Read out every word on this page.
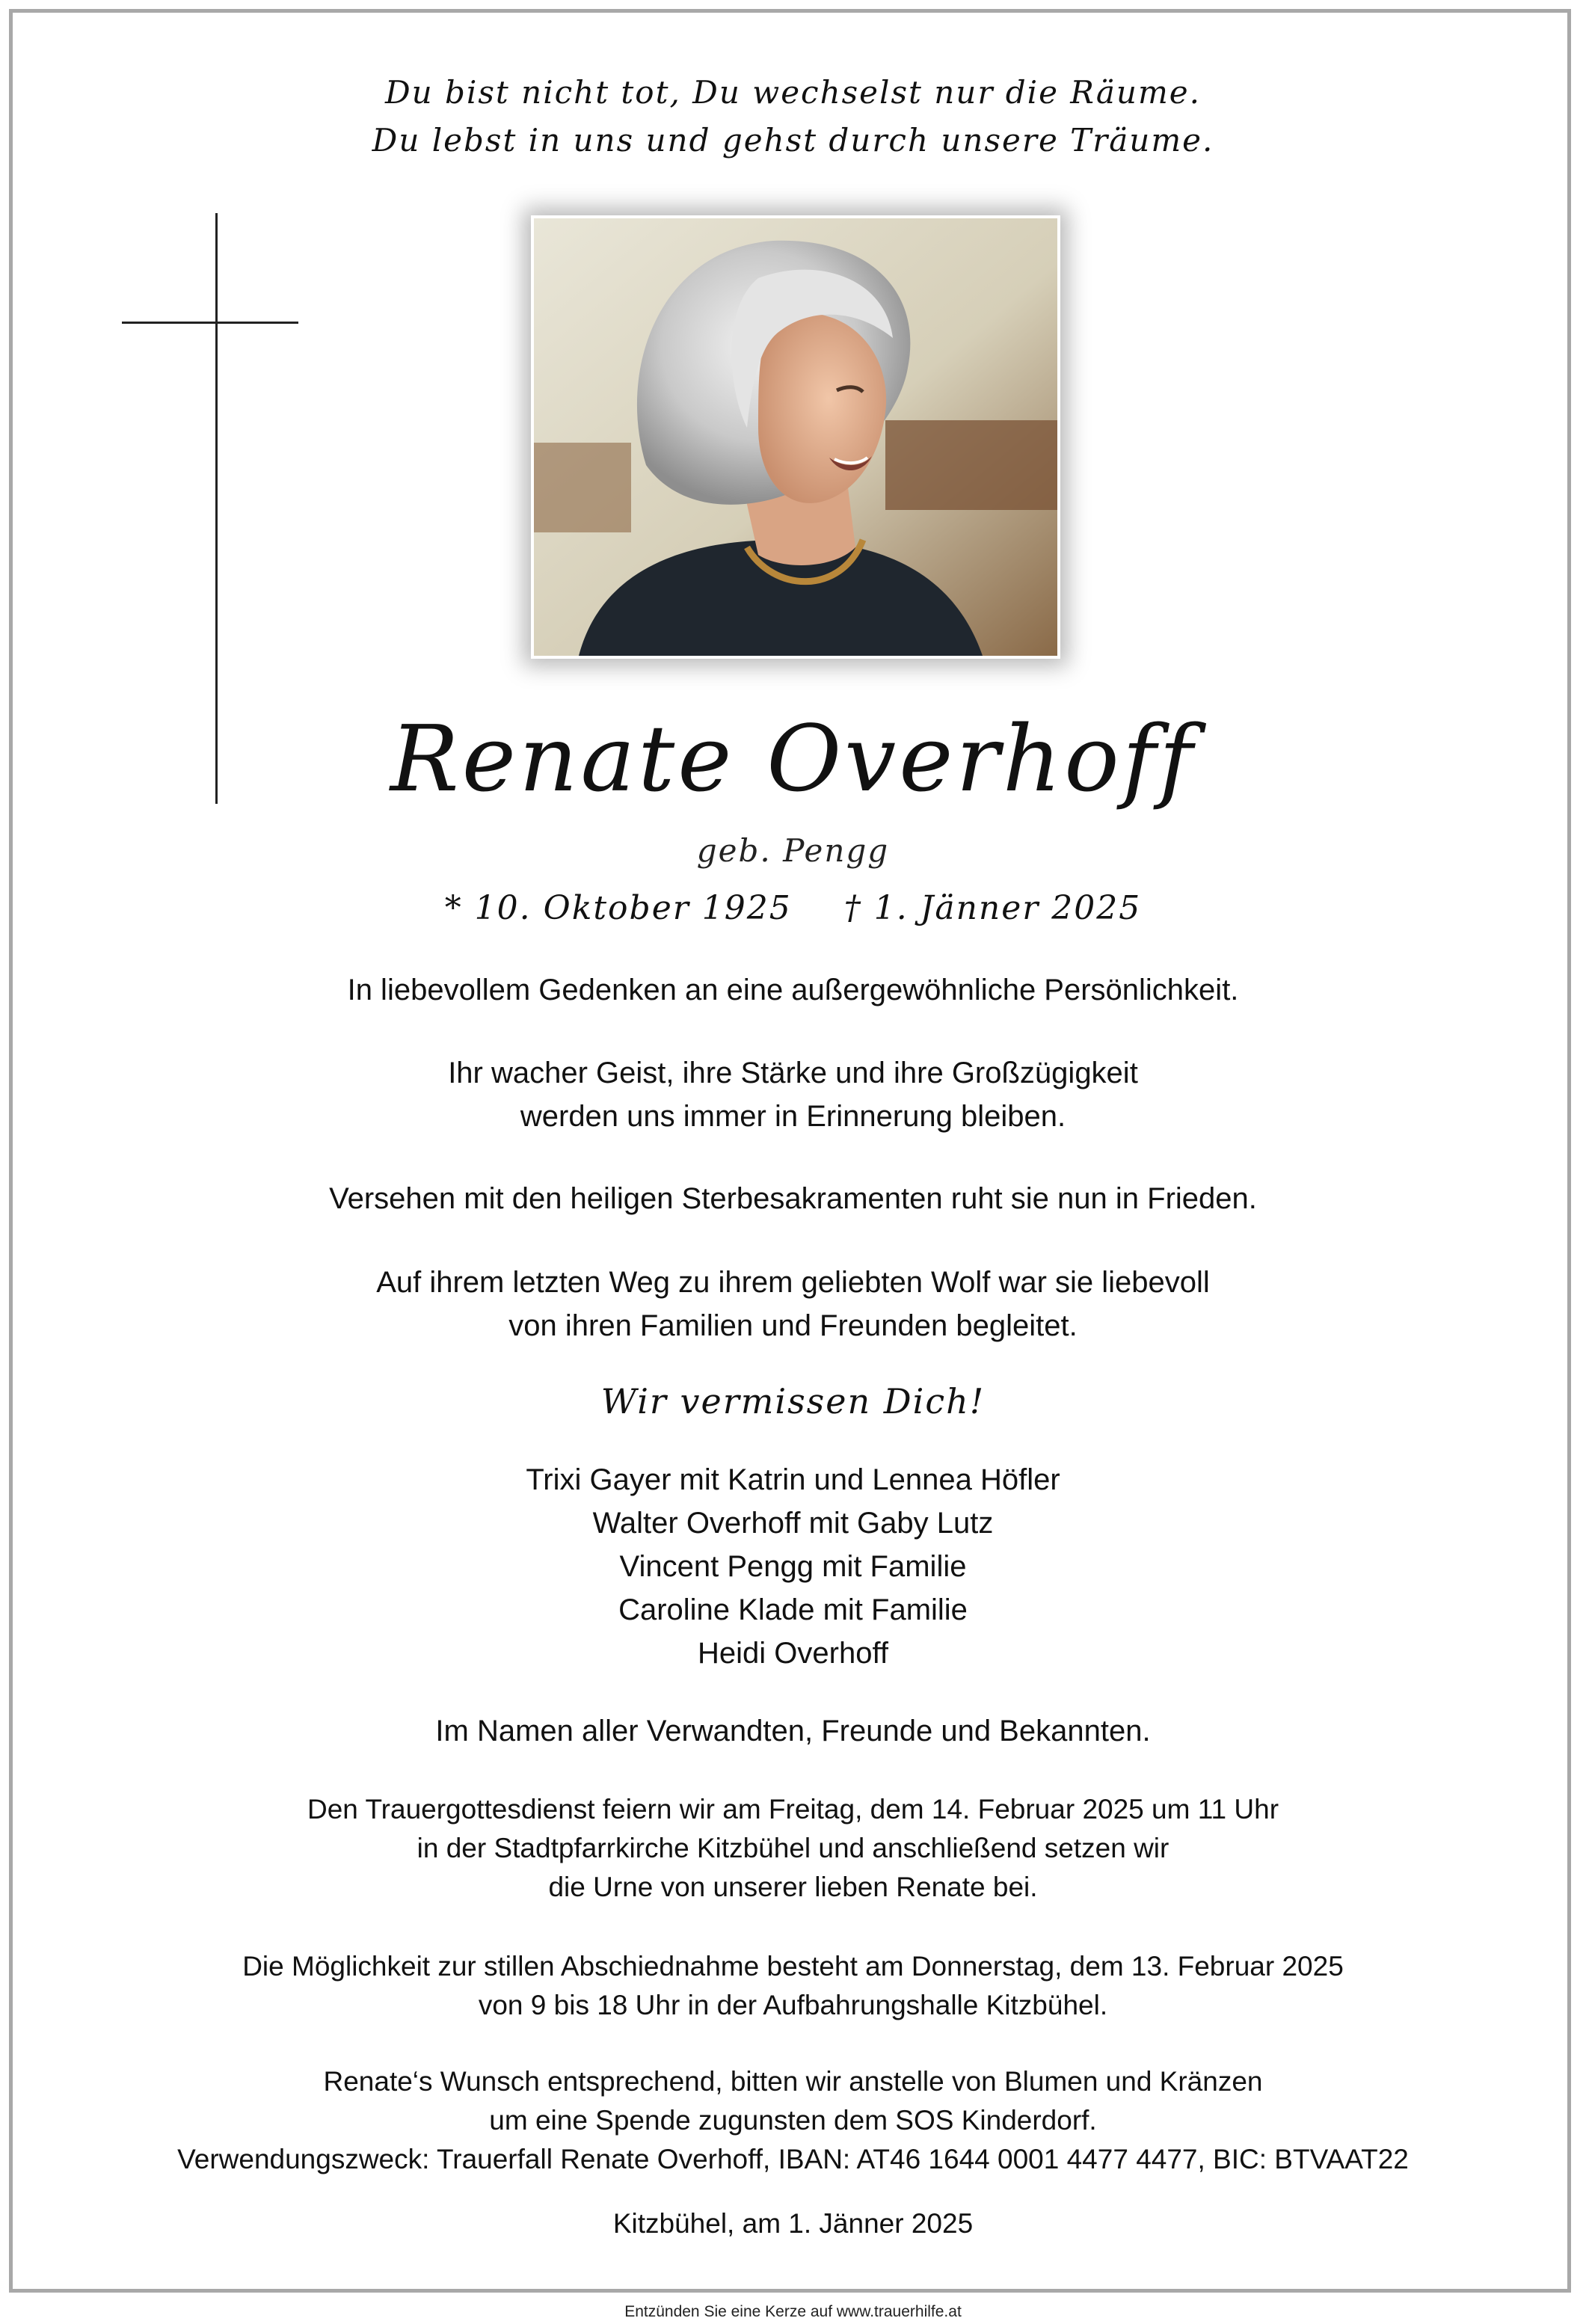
Du bist nicht tot, Du wechselst nur die Räume.
Du lebst in uns und gehst durch unsere Träume.
Renate Overhoff
geb. Pengg
* 10. Oktober 1925 † 1. Jänner 2025
In liebevollem Gedenken an eine außergewöhnliche Persönlichkeit.
Ihr wacher Geist, ihre Stärke und ihre Großzügigkeit
werden uns immer in Erinnerung bleiben.
Versehen mit den heiligen Sterbesakramenten ruht sie nun in Frieden.
Auf ihrem letzten Weg zu ihrem geliebten Wolf war sie liebevoll
von ihren Familien und Freunden begleitet.
Wir vermissen Dich!
Trixi Gayer mit Katrin und Lennea Höfler
Walter Overhoff mit Gaby Lutz
Vincent Pengg mit Familie
Caroline Klade mit Familie
Heidi Overhoff
Im Namen aller Verwandten, Freunde und Bekannten.
Den Trauergottesdienst feiern wir am Freitag, dem 14. Februar 2025 um 11 Uhr
in der Stadtpfarrkirche Kitzbühel und anschließend setzen wir
die Urne von unserer lieben Renate bei.
Die Möglichkeit zur stillen Abschiednahme besteht am Donnerstag, dem 13. Februar 2025
von 9 bis 18 Uhr in der Aufbahrungshalle Kitzbühel.
Renate‘s Wunsch entsprechend, bitten wir anstelle von Blumen und Kränzen
um eine Spende zugunsten dem SOS Kinderdorf.
Verwendungszweck: Trauerfall Renate Overhoff, IBAN: AT46 1644 0001 4477 4477, BIC: BTVAAT22
Kitzbühel, am 1. Jänner 2025
Entzünden Sie eine Kerze auf www.trauerhilfe.at
